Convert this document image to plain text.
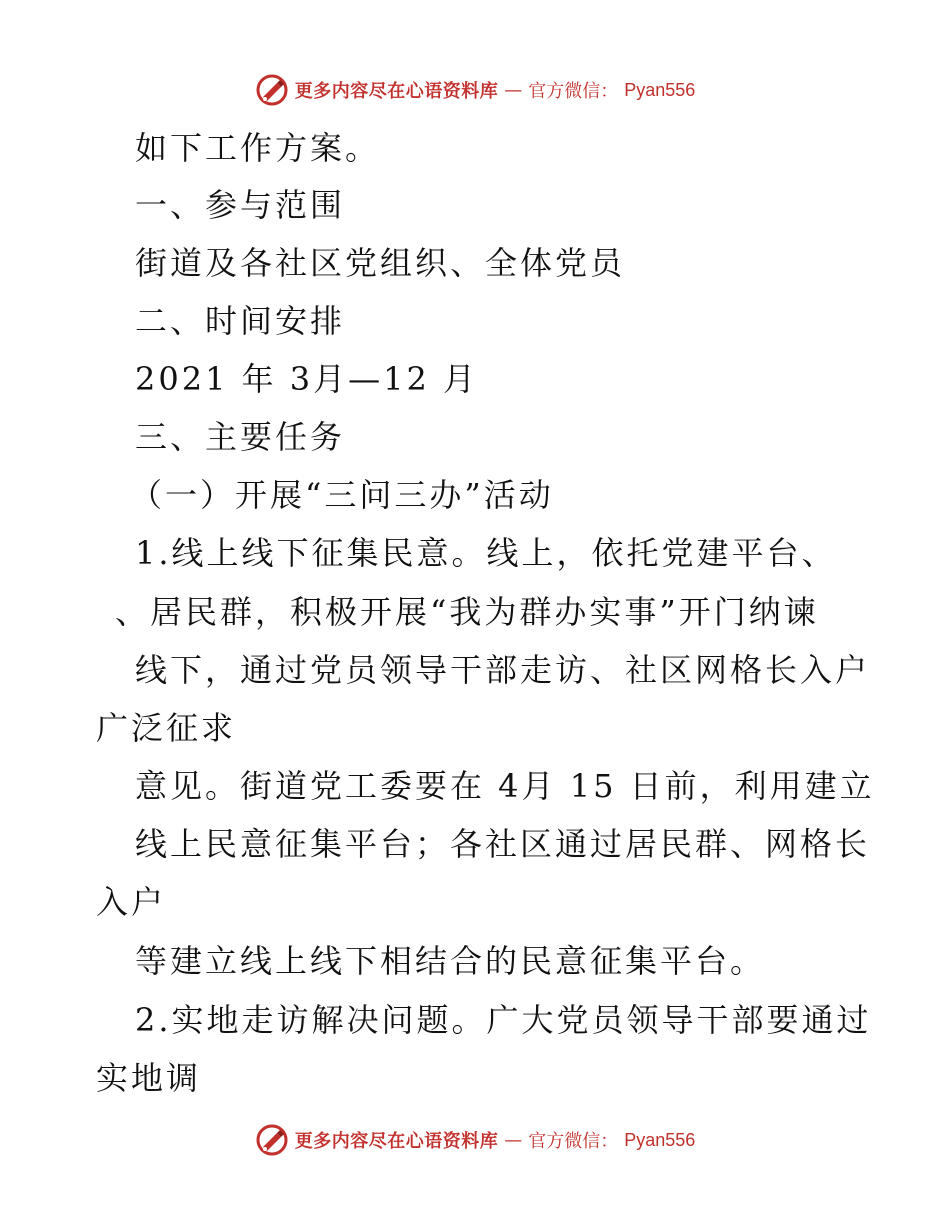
更多内容尽在心语资料库 — 官方微信： Pyan556
如下工作方案。
一、参与范围
街道及各社区党组织、全体党员
二、时间安排
2021 年 3月—12 月
三、主要任务
（一）开展“三问三办”活动
1.线上线下征集民意。线上，依托党建平台、
、居民群，积极开展“我为群办实事”开门纳谏
线下，通过党员领导干部走访、社区网格长入户
广泛征求
意见。街道党工委要在 4月 15 日前，利用建立
线上民意征集平台；各社区通过居民群、网格长
入户
等建立线上线下相结合的民意征集平台。
2.实地走访解决问题。广大党员领导干部要通过
实地调
更多内容尽在心语资料库 — 官方微信： Pyan556
